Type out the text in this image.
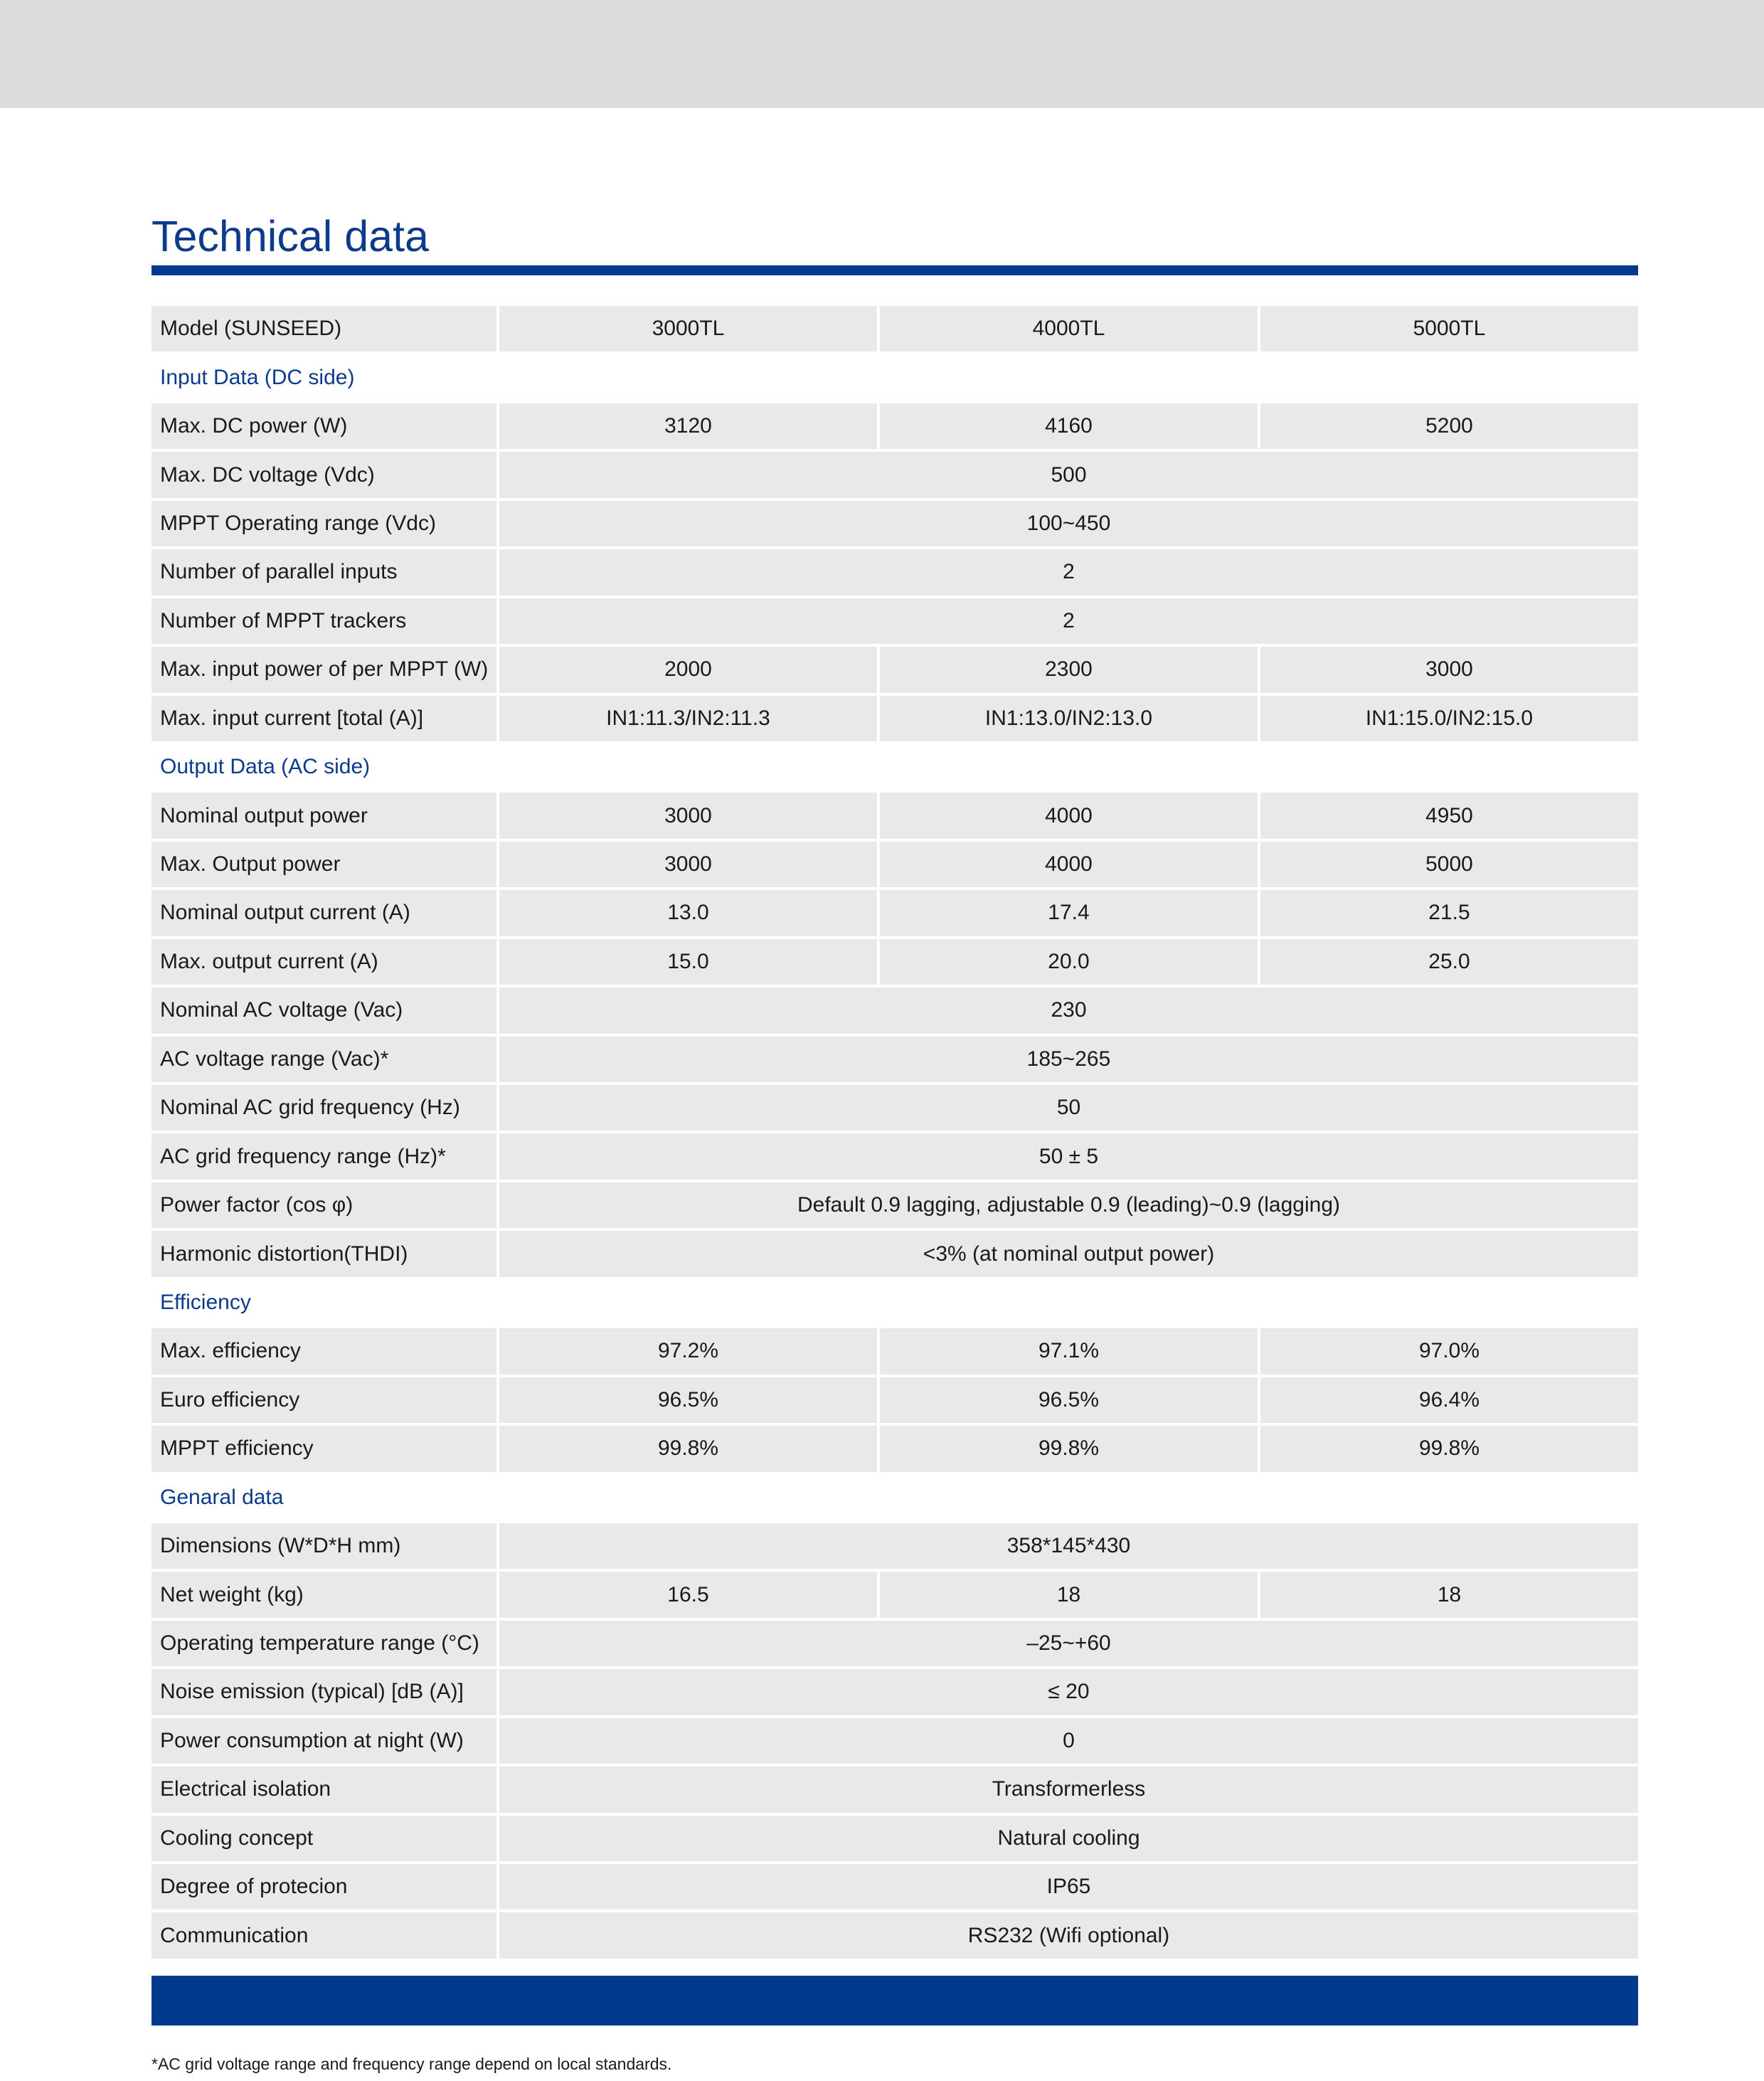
Technical data
Model (SUNSEED)	3000TL	4000TL	5000TL
Input Data (DC side)			
Max. DC power (W)	3120	4160	5200
Max. DC voltage (Vdc)	500		
MPPT Operating range (Vdc)	100~450		
Number of parallel inputs	2		
Number of MPPT trackers	2		
Max. input power of per MPPT (W)	2000	2300	3000
Max. input current [total (A)]	IN1:11.3/IN2:11.3	IN1:13.0/IN2:13.0	IN1:15.0/IN2:15.0
Output Data (AC side)			
Nominal output power	3000	4000	4950
Max. Output power	3000	4000	5000
Nominal output current (A)	13.0	17.4	21.5
Max. output current (A)	15.0	20.0	25.0
Nominal AC voltage (Vac)	230		
AC voltage range (Vac)*	185~265		
Nominal AC grid frequency (Hz)	50		
AC grid frequency range (Hz)*	50 ± 5		
Power factor (cos φ)	Default 0.9 lagging, adjustable 0.9 (leading)~0.9 (lagging)		
Harmonic distortion(THDI)	<3% (at nominal output power)		
Efficiency			
Max. efficiency	97.2%	97.1%	97.0%
Euro efficiency	96.5%	96.5%	96.4%
MPPT efficiency	99.8%	99.8%	99.8%
Genaral data			
Dimensions (W*D*H mm)	358*145*430		
Net weight (kg)	16.5	18	18
Operating temperature range (°C)	–25~+60		
Noise emission (typical) [dB (A)]	≤ 20		
Power consumption at night (W)	0		
Electrical isolation	Transformerless		
Cooling concept	Natural cooling		
Degree of protecion	IP65		
Communication	RS232 (Wifi optional)		
*AC grid voltage range and frequency range depend on local standards.
